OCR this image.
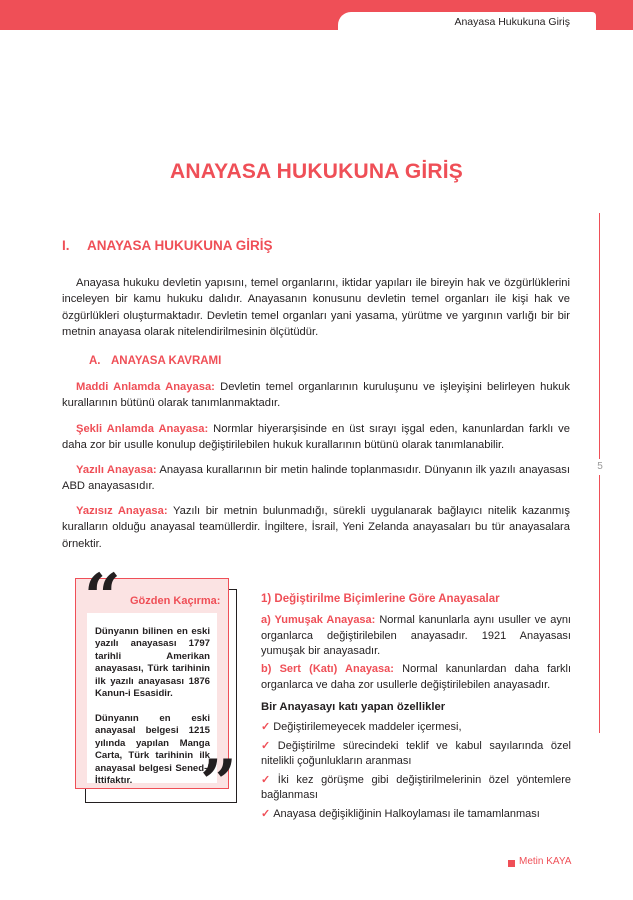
Anayasa Hukukuna Giriş
5
ANAYASA HUKUKUNA GİRİŞ
I. ANAYASA HUKUKUNA GİRİŞ

Anayasa hukuku devletin yapısını, temel organlarını, iktidar yapıları ile bireyin hak ve özgürlüklerini inceleyen bir kamu hukuku dalıdır. Anayasanın konusunu devletin temel organları ile kişi hak ve özgürlükleri oluşturmaktadır. Devletin temel organları yani yasama, yürütme ve yargının varlığı bir bir metnin anayasa olarak nitelendirilmesinin ölçütüdür.

A. ANAYASA KAVRAMI

Maddi Anlamda Anayasa: Devletin temel organlarının kuruluşunu ve işleyişini belirleyen hukuk kurallarının bütünü olarak tanımlanmaktadır.

Şekli Anlamda Anayasa: Normlar hiyerarşisinde en üst sırayı işgal eden, kanunlardan farklı ve daha zor bir usulle konulup değiştirilebilen hukuk kurallarının bütünü olarak tanımlanabilir.

Yazılı Anayasa: Anayasa kurallarının bir metin halinde toplanmasıdır. Dünyanın ilk yazılı anayasası ABD anayasasıdır.

Yazısız Anayasa: Yazılı bir metnin bulunmadığı, sürekli uygulanarak bağlayıcı nitelik kazanmış kuralların olduğu anayasal teamüllerdir. İngiltere, İsrail, Yeni Zelanda anayasaları bu tür anayasalara örnektir.

“ Gözden Kaçırma:

Dünyanın bilinen en eski yazılı anayasası 1797 tarihli Amerikan anayasası, Türk tarihinin ilk yazılı anayasası 1876 Kanun-i Esasidir.

Dünyanın en eski anayasal belgesi 1215 yılında yapılan Manga Carta, Türk tarihinin ilk anayasal belgesi Sened-i İttifaktır.	”
1) Değiştirilme Biçimlerine Göre Anayasalar

a) Yumuşak Anayasa: Normal kanunlarla aynı usuller ve aynı organlarca değiştirilebilen anayasadır. 1921 Anayasası yumuşak bir anayasadır.

b) Sert (Katı) Anayasa: Normal kanunlardan daha farklı organlarca ve daha zor usullerle değiştirilebilen anayasadır.

Bir Anayasayı katı yapan özellikler
✓ Değiştirilemeyecek maddeler içermesi,
✓ Değiştirilme sürecindeki teklif ve kabul sayılarında özel nitelikli çoğunlukların aranması
✓ İki kez görüşme gibi değiştirilmelerinin özel yöntemlere bağlanması
✓ Anayasa değişikliğinin Halkoylaması ile tamamlanması
Metin KAYA
